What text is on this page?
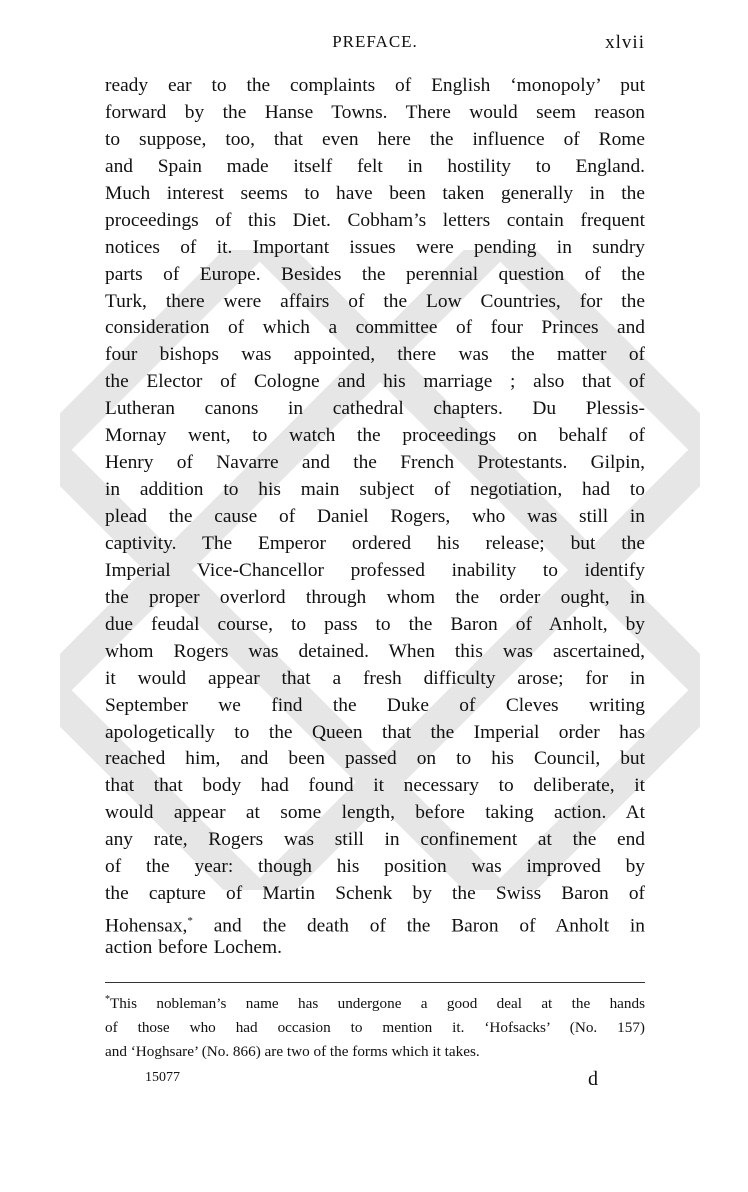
PREFACE.	xlvii
ready ear to the complaints of English ‘monopoly’ put
forward by the Hanse Towns. There would seem reason
to suppose, too, that even here the influence of Rome
and Spain made itself felt in hostility to England.
Much interest seems to have been taken generally in the
proceedings of this Diet. Cobham’s letters contain frequent
notices of it. Important issues were pending in sundry
parts of Europe. Besides the perennial question of the
Turk, there were affairs of the Low Countries, for the
consideration of which a committee of four Princes and
four bishops was appointed, there was the matter of
the Elector of Cologne and his marriage ; also that of
Lutheran canons in cathedral chapters. Du Plessis-
Mornay went, to watch the proceedings on behalf of
Henry of Navarre and the French Protestants. Gilpin,
in addition to his main subject of negotiation, had to
plead the cause of Daniel Rogers, who was still in
captivity. The Emperor ordered his release; but the
Imperial Vice-Chancellor professed inability to identify
the proper overlord through whom the order ought, in
due feudal course, to pass to the Baron of Anholt, by
whom Rogers was detained. When this was ascertained,
it would appear that a fresh difficulty arose; for in
September we find the Duke of Cleves writing
apologetically to the Queen that the Imperial order has
reached him, and been passed on to his Council, but
that that body had found it necessary to deliberate, it
would appear at some length, before taking action. At
any rate, Rogers was still in confinement at the end
of the year: though his position was improved by
the capture of Martin Schenk by the Swiss Baron of
Hohensax,* and the death of the Baron of Anholt in
action before Lochem.
*This nobleman’s name has undergone a good deal at the hands
of those who had occasion to mention it. ‘Hofsacks’ (No. 157)
and ‘Hoghsare’ (No. 866) are two of the forms which it takes.
15077	d
